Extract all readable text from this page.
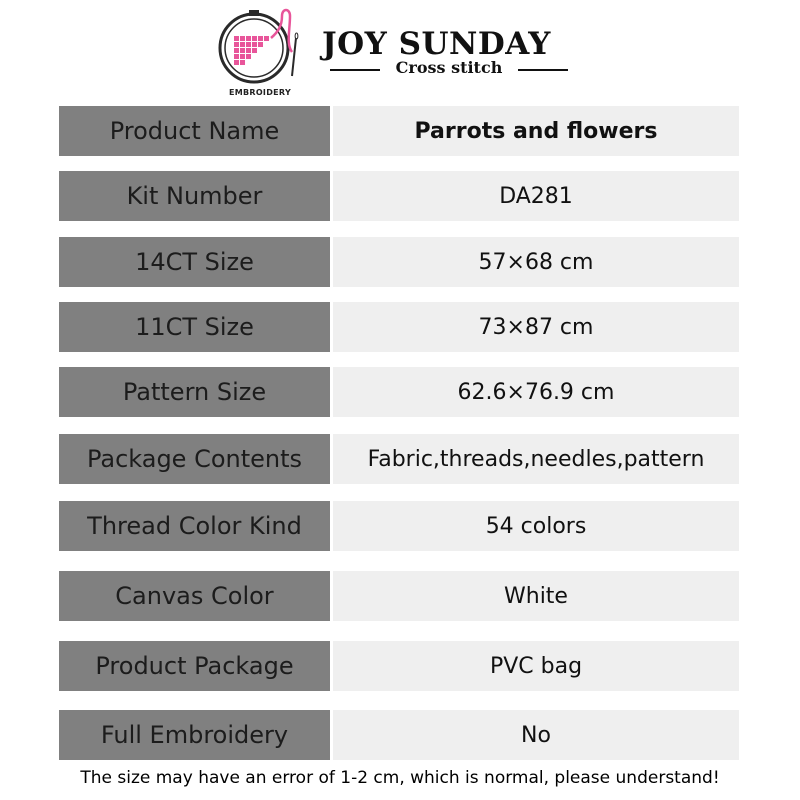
EMBROIDERY
JOY SUNDAY
Cross stitch
Product Name	Parrots and flowers
Kit Number	DA281
14CT Size	57×68 cm
11CT Size	73×87 cm
Pattern Size	62.6×76.9 cm
Package Contents	Fabric,threads,needles,pattern
Thread Color Kind	54 colors
Canvas Color	White
Product Package	PVC bag
Full Embroidery	No
The size may have an error of 1-2 cm, which is normal, please understand!
